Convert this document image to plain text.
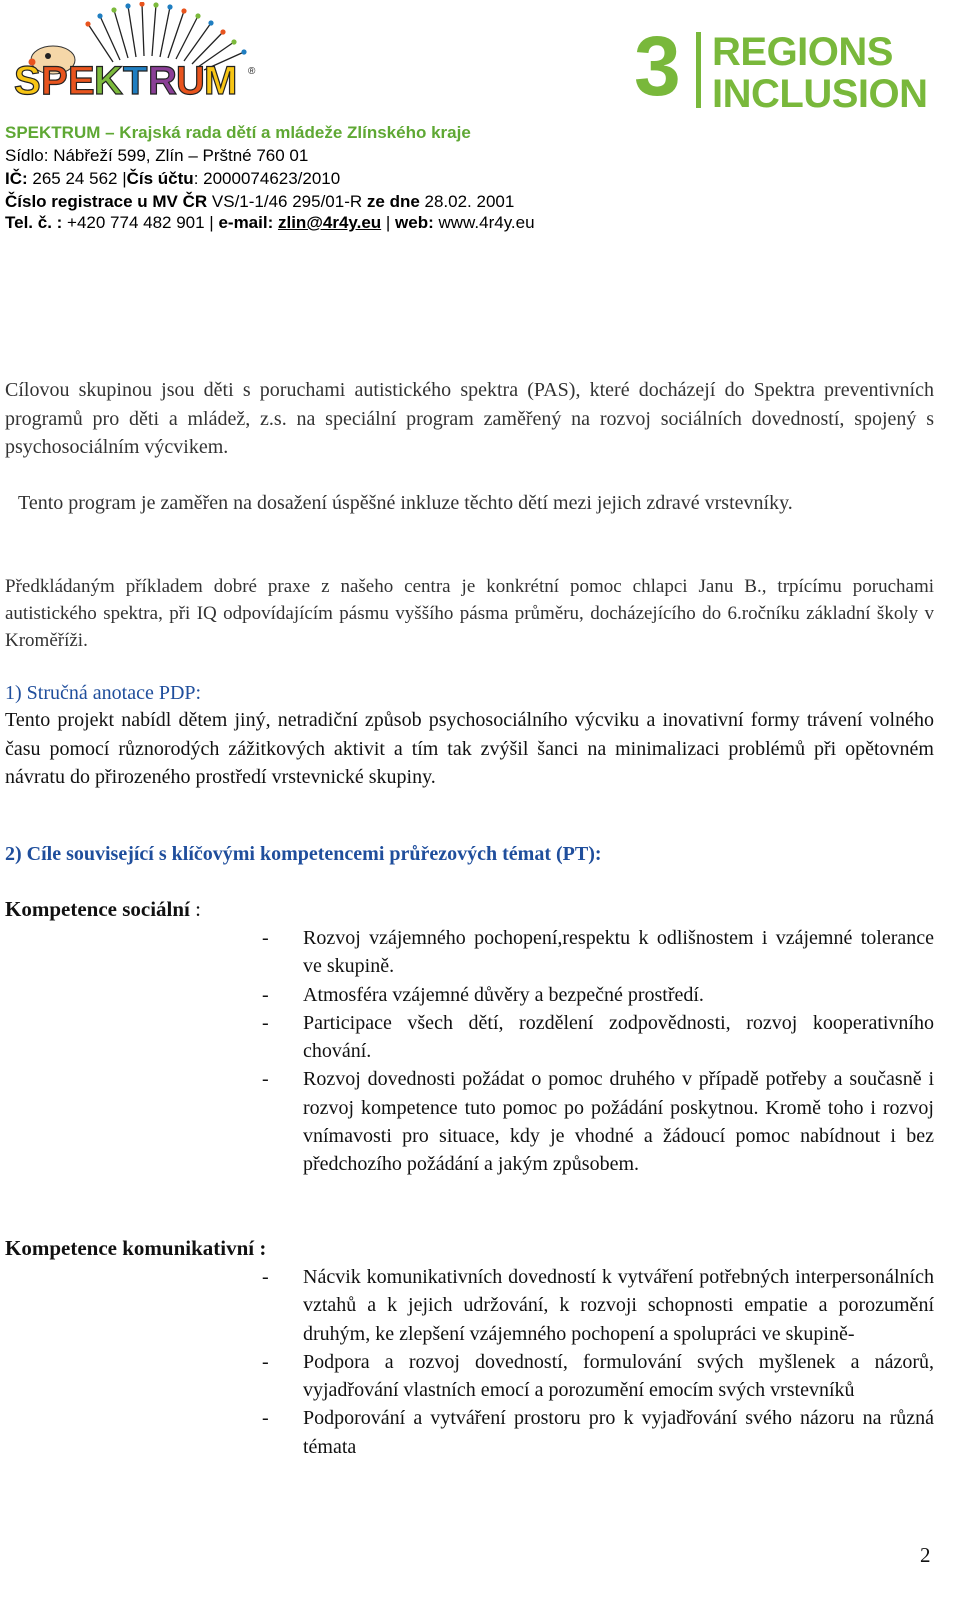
S P E K T R U M ®	3 REGIONS
INCLUSION
SPEKTRUM – Krajská rada dětí a mládeže Zlínského kraje
Sídlo: Nábřeží 599, Zlín – Prštné 760 01
IČ: 265 24 562 |Čís účtu: 2000074623/2010
Číslo registrace u MV ČR VS/1-1/46 295/01-R ze dne 28.02. 2001
Tel. č. : +420 774 482 901 | e-mail: zlin@4r4y.eu | web: www.4r4y.eu
Cílovou skupinou jsou děti s poruchami autistického spektra (PAS), které docházejí do Spektra preventivních programů pro děti a mládež, z.s. na speciální program zaměřený na rozvoj sociálních dovedností, spojený s psychosociálním výcvikem.
Tento program je zaměřen na dosažení úspěšné inkluze těchto dětí mezi jejich zdravé vrstevníky.
Předkládaným příkladem dobré praxe z našeho centra je konkrétní pomoc chlapci Janu B., trpícímu poruchami autistického spektra, při IQ odpovídajícím pásmu vyššího pásma průměru, docházejícího do 6.ročníku základní školy v Kroměříži.
1) Stručná anotace PDP:
Tento projekt nabídl dětem jiný, netradiční způsob psychosociálního výcviku a inovativní formy trávení volného času pomocí různorodých zážitkových aktivit a tím tak zvýšil šanci na minimalizaci problémů při opětovném návratu do přirozeného prostředí vrstevnické skupiny.
2) Cíle související s klíčovými kompetencemi průřezových témat (PT):
Kompetence sociální :
- Rozvoj vzájemného pochopení,respektu k odlišnostem i vzájemné tolerance ve skupině.
- Atmosféra vzájemné důvěry a bezpečné prostředí.
- Participace všech dětí, rozdělení zodpovědnosti, rozvoj kooperativního chování.
- Rozvoj dovednosti požádat o pomoc druhého v případě potřeby a současně i rozvoj kompetence tuto pomoc po požádání poskytnou. Kromě toho i rozvoj vnímavosti pro situace, kdy je vhodné a žádoucí pomoc nabídnout i bez předchozího požádání a jakým způsobem.
Kompetence komunikativní :
- Nácvik komunikativních dovedností k vytváření potřebných interpersonálních vztahů a k jejich udržování, k rozvoji schopnosti empatie a porozumění druhým, ke zlepšení vzájemného pochopení a spolupráci ve skupině-
- Podpora a rozvoj dovedností, formulování svých myšlenek a názorů, vyjadřování vlastních emocí a porozumění emocím svých vrstevníků
- Podporování a vytváření prostoru pro k vyjadřování svého názoru na různá témata
2
